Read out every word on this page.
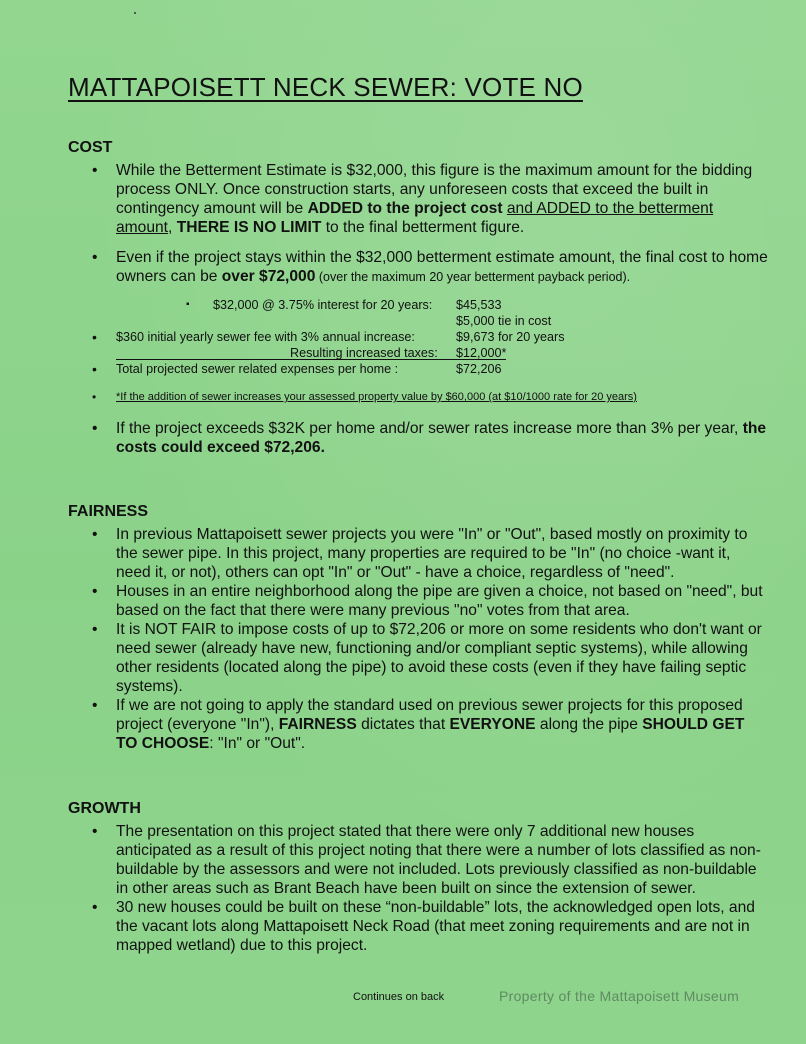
MATTAPOISETT NECK SEWER: VOTE NO
COST
• While the Betterment Estimate is $32,000, this figure is the maximum amount for the bidding process ONLY. Once construction starts, any unforeseen costs that exceed the built in contingency amount will be ADDED to the project cost and ADDED to the betterment amount, THERE IS NO LIMIT to the final betterment figure.
• Even if the project stays within the $32,000 betterment estimate amount, the final cost to home owners can be over $72,000 (over the maximum 20 year betterment payback period).
▪ $32,000 @ 3.75% interest for 20 years: $45,533
$5,000 tie in cost
• $360 initial yearly sewer fee with 3% annual increase:	$9,673 for 20 years
Resulting increased taxes: $12,000*
• Total projected sewer related expenses per home :	$72,206
• *If the addition of sewer increases your assessed property value by $60,000 (at $10/1000 rate for 20 years)
• If the project exceeds $32K per home and/or sewer rates increase more than 3% per year, the costs could exceed $72,206.
FAIRNESS
• In previous Mattapoisett sewer projects you were "In" or "Out", based mostly on proximity to the sewer pipe. In this project, many properties are required to be "In" (no choice -want it, need it, or not), others can opt "In" or "Out" - have a choice, regardless of "need".
• Houses in an entire neighborhood along the pipe are given a choice, not based on "need", but based on the fact that there were many previous "no" votes from that area.
• It is NOT FAIR to impose costs of up to $72,206 or more on some residents who don't want or need sewer (already have new, functioning and/or compliant septic systems), while allowing other residents (located along the pipe) to avoid these costs (even if they have failing septic systems).
• If we are not going to apply the standard used on previous sewer projects for this proposed project (everyone "In"), FAIRNESS dictates that EVERYONE along the pipe SHOULD GET TO CHOOSE: "In" or "Out".
GROWTH
• The presentation on this project stated that there were only 7 additional new houses anticipated as a result of this project noting that there were a number of lots classified as non-buildable by the assessors and were not included. Lots previously classified as non-buildable in other areas such as Brant Beach have been built on since the extension of sewer.
• 30 new houses could be built on these “non-buildable” lots, the acknowledged open lots, and the vacant lots along Mattapoisett Neck Road (that meet zoning requirements and are not in mapped wetland) due to this project.
Continues on back	Property of the Mattapoisett Museum
